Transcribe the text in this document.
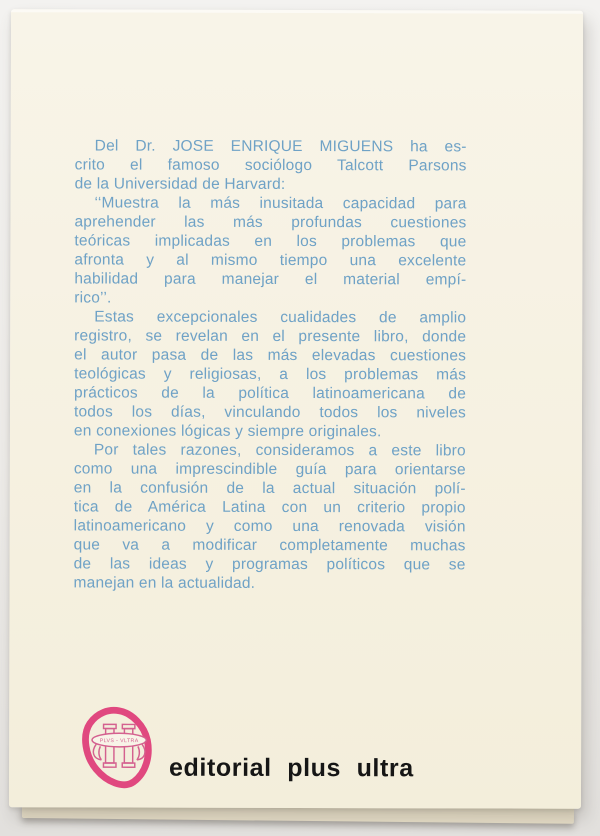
Del Dr. JOSE ENRIQUE MIGUENS ha es-
crito el famoso sociólogo Talcott Parsons
de la Universidad de Harvard:
‘‘Muestra la más inusitada capacidad para
aprehender las más profundas cuestiones
teóricas implicadas en los problemas que
afronta y al mismo tiempo una excelente
habilidad para manejar el material empí-
rico’’.
Estas excepcionales cualidades de amplio
registro, se revelan en el presente libro, donde
el autor pasa de las más elevadas cuestiones
teológicas y religiosas, a los problemas más
prácticos de la política latinoamericana de
todos los días, vinculando todos los niveles
en conexiones lógicas y siempre originales.
Por tales razones, consideramos a este libro
como una imprescindible guía para orientarse
en la confusión de la actual situación polí-
tica de América Latina con un criterio propio
latinoamericano y como una renovada visión
que va a modificar completamente muchas
de las ideas y programas políticos que se
manejan en la actualidad.
PLVS - VLTRA
editorial plus ultra
